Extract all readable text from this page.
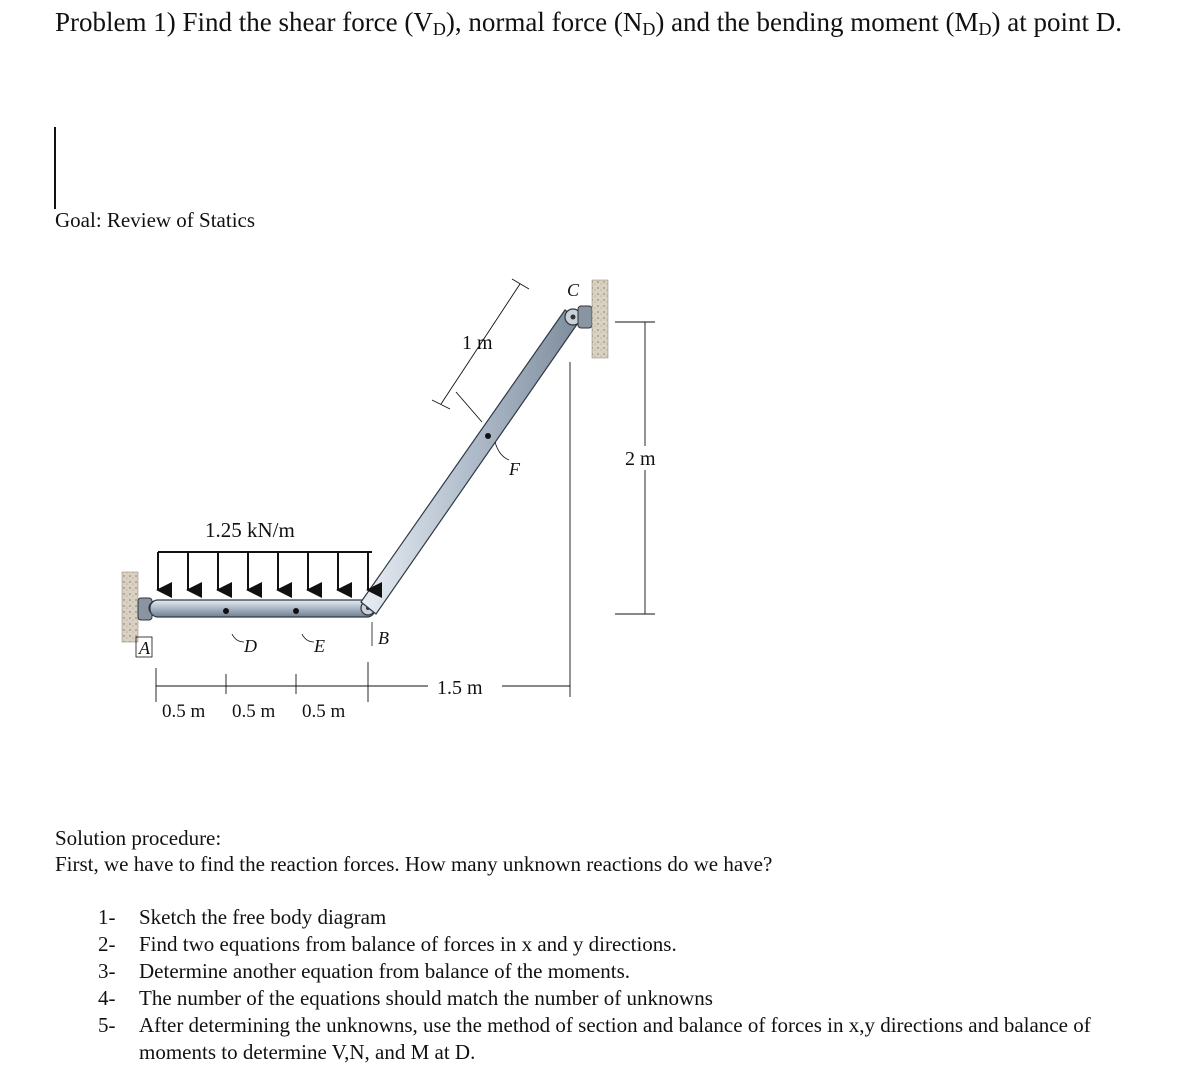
Problem 1) Find the shear force $(V_D)$, normal force $(N_D)$ and the bending moment $(M_D)$ at point D.
Goal: Review of Statics
1.25 kN/m
A	D	E	B
C
F
1 m
2 m
1.5 m
0.5 m 0.5 m 0.5 m
Solution procedure:
First, we have to find the reaction forces. How many unknown reactions do we have?
1-	Sketch the free body diagram
2-	Find two equations from balance of forces in x and y directions.
3-	Determine another equation from balance of the moments.
4-	The number of the equations should match the number of unknowns
5-	After determining the unknowns, use the method of section and balance of forces in x,y directions and balance of moments to determine V,N, and M at D.
